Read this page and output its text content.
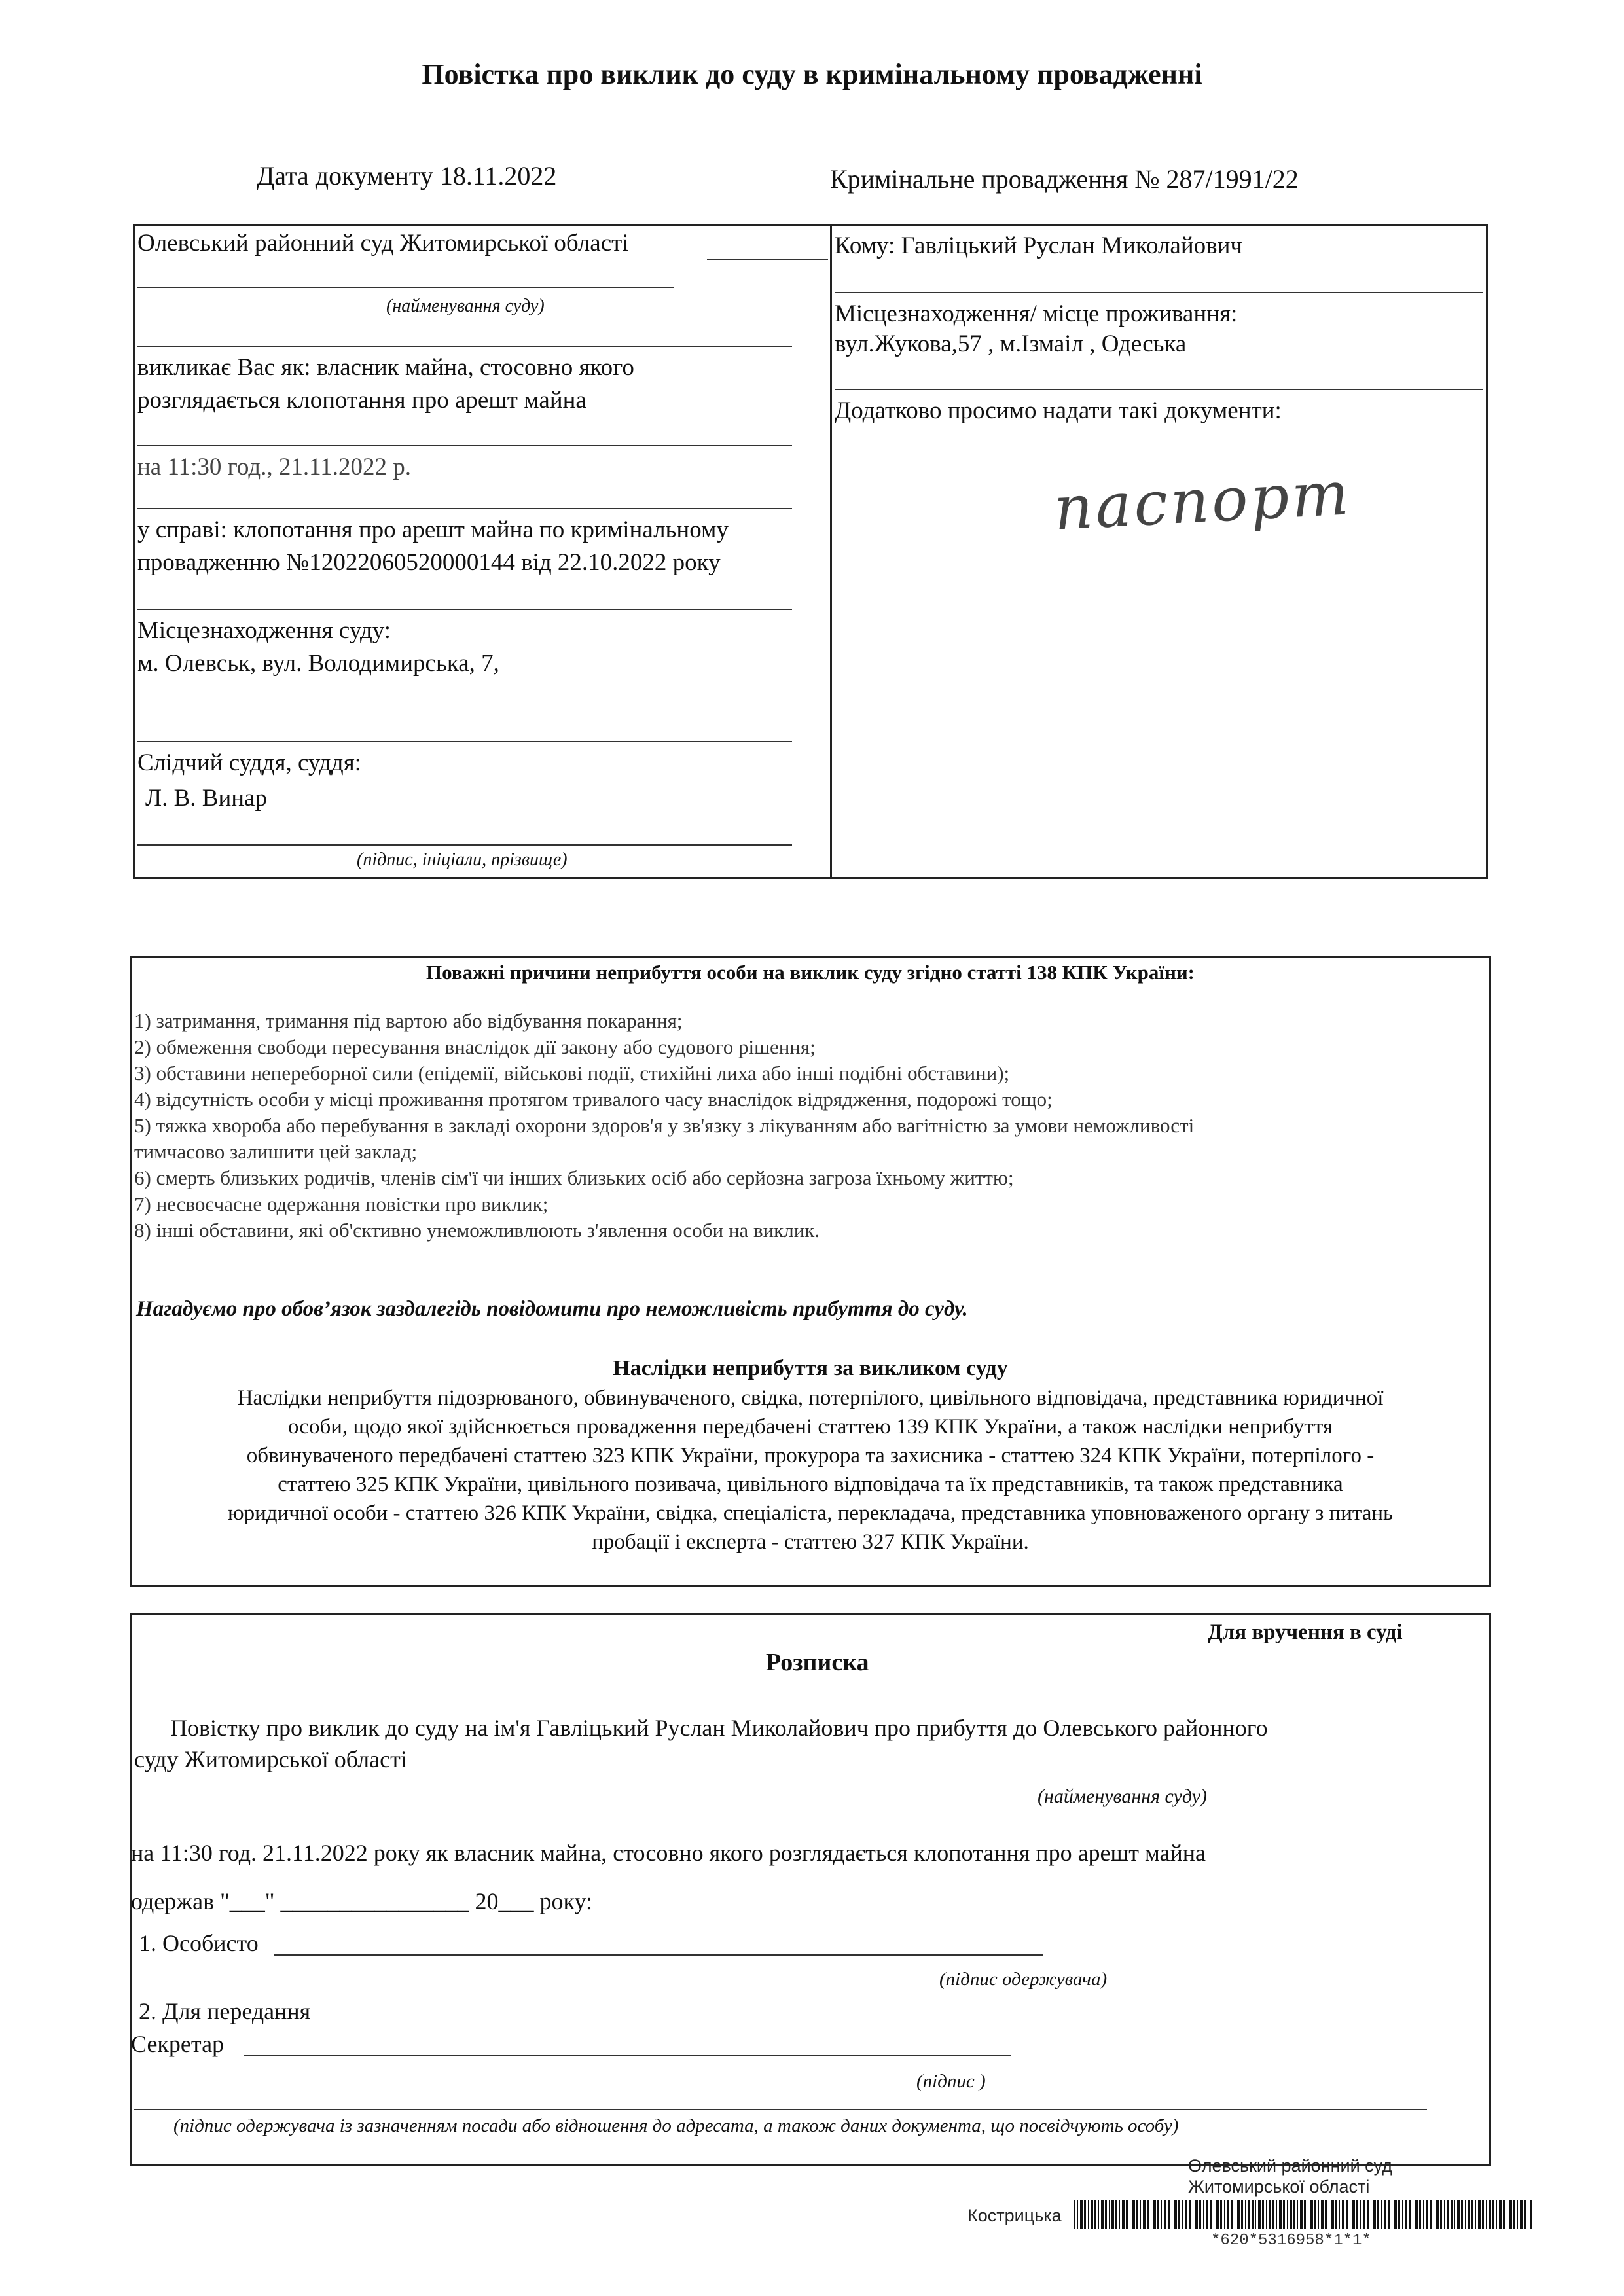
Повістка про виклик до суду в кримінальному провадженні
Дата документу 18.11.2022	Кримінальне провадження № 287/1991/22
Олевський районний суд Житомирської області
(найменування суду)
викликає Вас як: власник майна, стосовно якого
розглядається клопотання про арешт майна
на 11:30 год., 21.11.2022 р.
у справі: клопотання про арешт майна по кримінальному
провадженню №12022060520000144 від 22.10.2022 року
Місцезнаходження суду:
м. Олевськ, вул. Володимирська, 7,
Слідчий суддя, суддя:
Л. В. Винар
(підпис, ініціали, прізвище)
Кому: Гавліцький Руслан Миколайович
Місцезнаходження/ місце проживання:
вул.Жукова,57 , м.Ізмаіл , Одеська
Додатково просимо надати такі документи:
паспорт
Поважні причини неприбуття особи на виклик суду згідно статті 138 КПК України:
1) затримання, тримання під вартою або відбування покарання;
2) обмеження свободи пересування внаслідок дії закону або судового рішення;
3) обставини непереборної сили (епідемії, військові події, стихійні лиха або інші подібні обставини);
4) відсутність особи у місці проживання протягом тривалого часу внаслідок відрядження, подорожі тощо;
5) тяжка хвороба або перебування в закладі охорони здоров'я у зв'язку з лікуванням або вагітністю за умови неможливості
тимчасово залишити цей заклад;
6) смерть близьких родичів, членів сім'ї чи інших близьких осіб або серйозна загроза їхньому життю;
7) несвоєчасне одержання повістки про виклик;
8) інші обставини, які об'єктивно унеможливлюють з'явлення особи на виклик.
Нагадуємо про обов’язок заздалегідь повідомити про неможливість прибуття до суду.
Наслідки неприбуття за викликом суду
Наслідки неприбуття підозрюваного, обвинуваченого, свідка, потерпілого, цивільного відповідача, представника юридичної
особи, щодо якої здійснюється провадження передбачені статтею 139 КПК України, а також наслідки неприбуття
обвинуваченого передбачені статтею 323 КПК України, прокурора та захисника - статтею 324 КПК України, потерпілого -
статтею 325 КПК України, цивільного позивача, цивільного відповідача та їх представників, та також представника
юридичної особи - статтею 326 КПК України, свідка, спеціаліста, перекладача, представника уповноваженого органу з питань
пробації і експерта - статтею 327 КПК України.
Для вручення в суді
Розписка
Повістку про виклик до суду на ім'я Гавліцький Руслан Миколайович про прибуття до Олевського районного
суду Житомирської області
(найменування суду)
на 11:30 год. 21.11.2022 року як власник майна, стосовно якого розглядається клопотання про арешт майна
одержав "___" ________________ 20___ року:
1. Особисто
(підпис одержувача)
2. Для передання
Секретар
(підпис )
(підпис одержувача із зазначенням посади або відношення до адресата, а також даних документа, що посвідчують особу)
Олевський районний суд
Житомирської області
Кострицька
*620*5316958*1*1*
